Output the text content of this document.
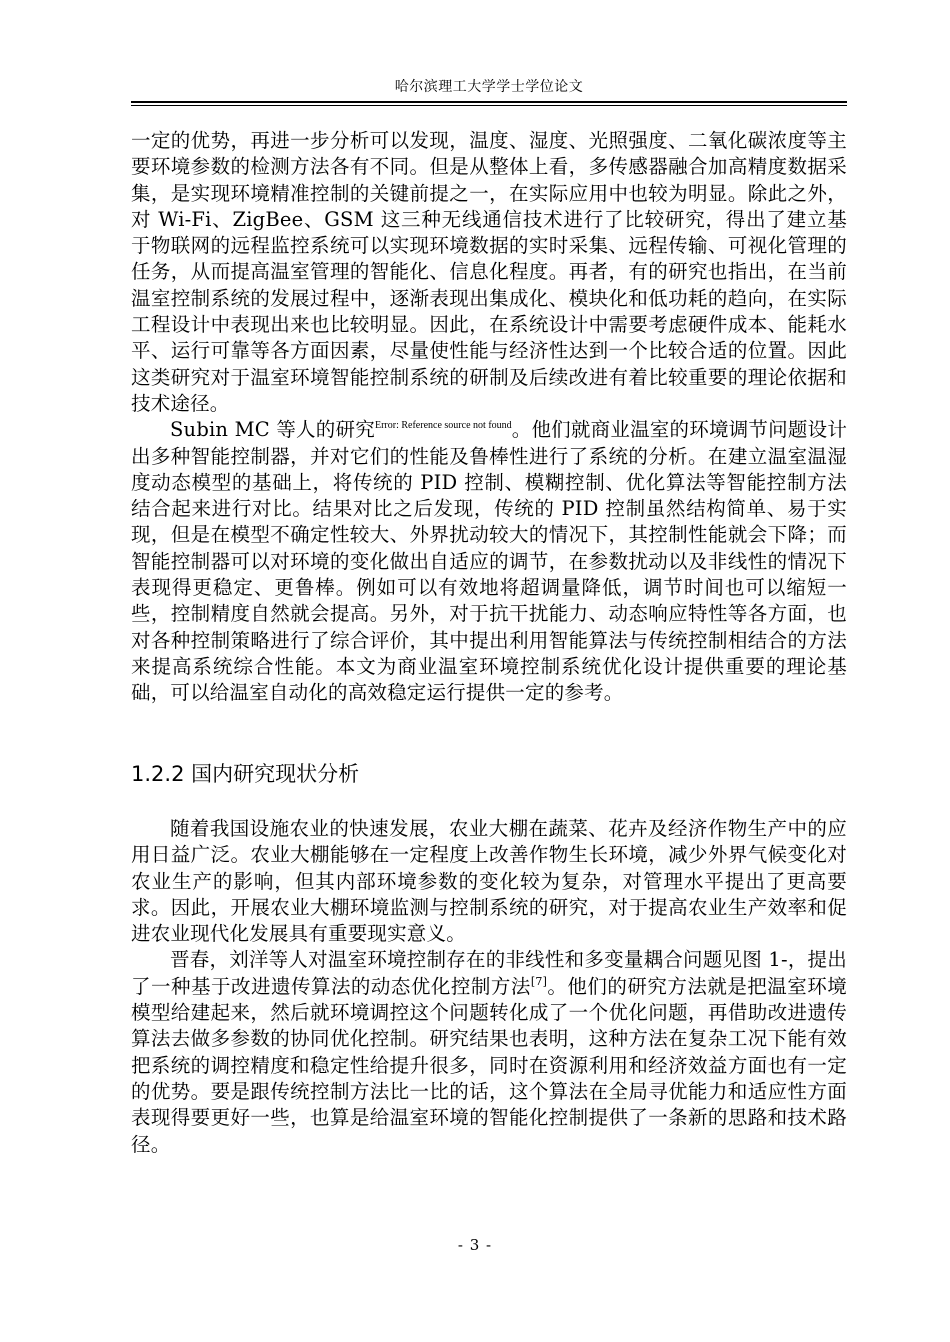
哈尔滨理工大学学士学位论文

一定的优势，再进一步分析可以发现，温度、湿度、光照强度、二氧化碳浓度等主要环境参数的检测方法各有不同。但是从整体上看，多传感器融合加高精度数据采集，是实现环境精准控制的关键前提之一，在实际应用中也较为明显。除此之外，对 Wi-Fi、ZigBee、GSM 这三种无线通信技术进行了比较研究，得出了建立基于物联网的远程监控系统可以实现环境数据的实时采集、远程传输、可视化管理的任务，从而提高温室管理的智能化、信息化程度。再者，有的研究也指出，在当前温室控制系统的发展过程中，逐渐表现出集成化、模块化和低功耗的趋向，在实际工程设计中表现出来也比较明显。因此，在系统设计中需要考虑硬件成本、能耗水平、运行可靠等各方面因素，尽量使性能与经济性达到一个比较合适的位置。因此这类研究对于温室环境智能控制系统的研制及后续改进有着比较重要的理论依据和技术途径。

Subin MC 等人的研究$^{Error: Reference source not found}$。他们就商业温室的环境调节问题设计出多种智能控制器，并对它们的性能及鲁棒性进行了系统的分析。在建立温室温湿度动态模型的基础上，将传统的 PID 控制、模糊控制、优化算法等智能控制方法结合起来进行对比。结果对比之后发现，传统的 PID 控制虽然结构简单、易于实现，但是在模型不确定性较大、外界扰动较大的情况下，其控制性能就会下降；而智能控制器可以对环境的变化做出自适应的调节，在参数扰动以及非线性的情况下表现得更稳定、更鲁棒。例如可以有效地将超调量降低，调节时间也可以缩短一些，控制精度自然就会提高。另外，对于抗干扰能力、动态响应特性等各方面，也对各种控制策略进行了综合评价，其中提出利用智能算法与传统控制相结合的方法来提高系统综合性能。本文为商业温室环境控制系统优化设计提供重要的理论基础，可以给温室自动化的高效稳定运行提供一定的参考。

1.2.2 国内研究现状分析

随着我国设施农业的快速发展，农业大棚在蔬菜、花卉及经济作物生产中的应用日益广泛。农业大棚能够在一定程度上改善作物生长环境，减少外界气候变化对农业生产的影响，但其内部环境参数的变化较为复杂，对管理水平提出了更高要求。因此，开展农业大棚环境监测与控制系统的研究，对于提高农业生产效率和促进农业现代化发展具有重要现实意义。

晋春，刘洋等人对温室环境控制存在的非线性和多变量耦合问题见图 1-，提出了一种基于改进遗传算法的动态优化控制方法[7]。他们的研究方法就是把温室环境模型给建起来，然后就环境调控这个问题转化成了一个优化问题，再借助改进遗传算法去做多参数的协同优化控制。研究结果也表明，这种方法在复杂工况下能有效把系统的调控精度和稳定性给提升很多，同时在资源利用和经济效益方面也有一定的优势。要是跟传统控制方法比一比的话，这个算法在全局寻优能力和适应性方面表现得要更好一些，也算是给温室环境的智能化控制提供了一条新的思路和技术路径。

- 3 -
